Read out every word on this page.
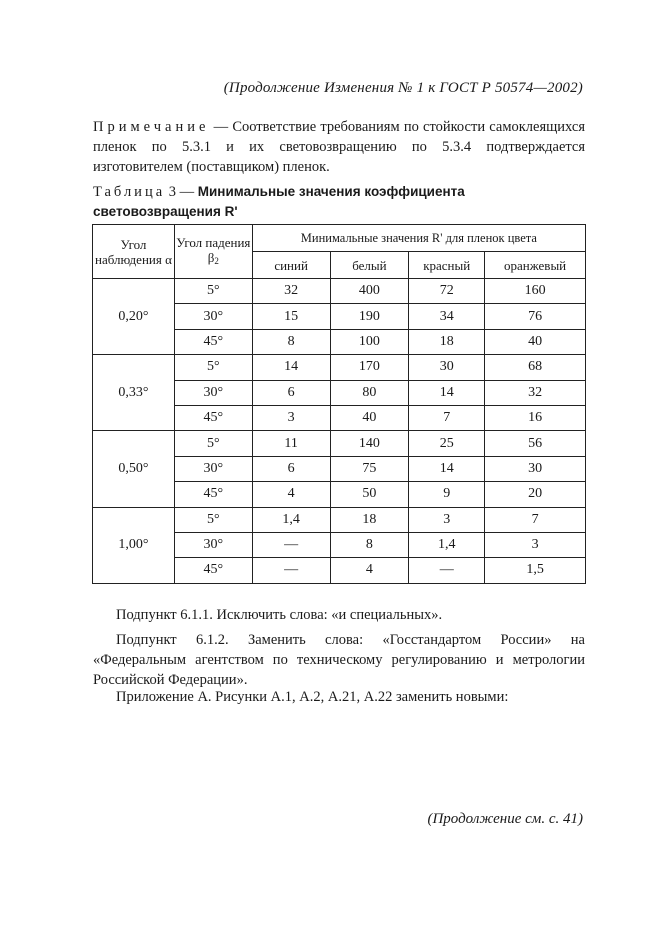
(Продолжение Изменения № 1 к ГОСТ Р 50574—2002)
Примечание — Соответствие требованиям по стойкости самоклеящихся пленок по 5.3.1 и их световозвращению по 5.3.4 подтверждается изготовителем (поставщиком) пленок.
Таблица 3 — Минимальные значения коэффициента световозвращения R'
Угол наблюдения α	Угол падения $\beta_2$	Минимальные значения R' для пленок цвета			
		синий	белый	красный	оранжевый
0,20°	5°	32	400	72	160
	30°	15	190	34	76
	45°	8	100	18	40
0,33°	5°	14	170	30	68
	30°	6	80	14	32
	45°	3	40	7	16
0,50°	5°	11	140	25	56
	30°	6	75	14	30
	45°	4	50	9	20
1,00°	5°	1,4	18	3	7
	30°	—	8	1,4	3
	45°	—	4	—	1,5
Подпункт 6.1.1. Исключить слова: «и специальных».
Подпункт 6.1.2. Заменить слова: «Госстандартом России» на «Федеральным агентством по техническому регулированию и метрологии Российской Федерации».
Приложение А. Рисунки А.1, А.2, А.21, А.22 заменить новыми:
(Продолжение см. с. 41)
